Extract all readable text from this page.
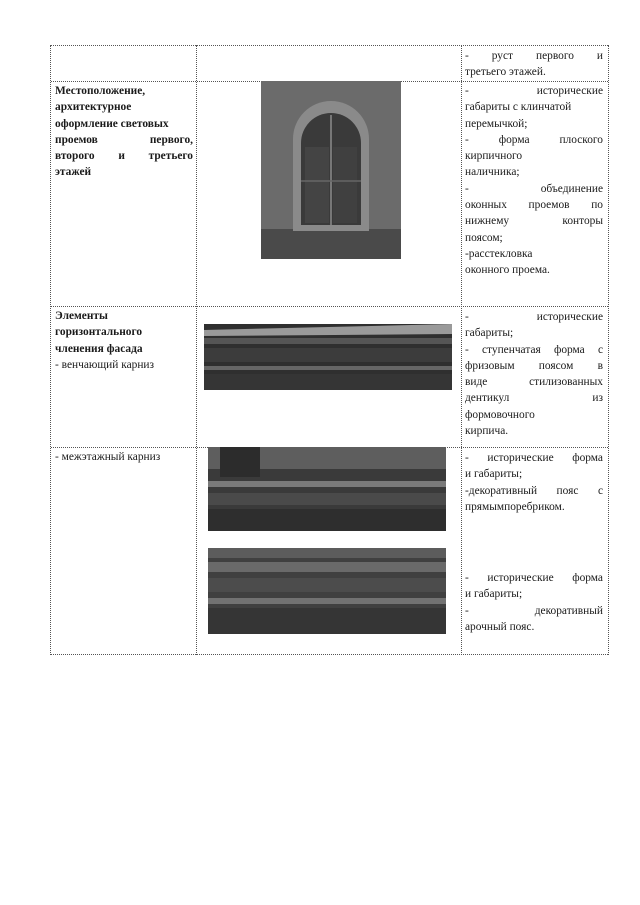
- руст первого и

третьего этажей.

Местоположение,

архитектурное

оформление световых

проемов первого,

второго и третьего

этажей

- исторические

габариты с клинчатой

перемычкой;

- форма плоского

кирпичного

наличника;

- объединение

оконных проемов по

нижнему конторы

поясом;

-расстекловка

оконного проема.

Элементы

горизонтального

членения фасада

- венчающий карниз

- исторические

габариты;

- ступенчатая форма с

фризовым поясом в

виде стилизованных

дентикул из

формовочного

кирпича.

- межэтажный карниз	- исторические форма

и габариты;

-декоративный пояс с

прямымпоребриком.

- исторические форма

и габариты;

- декоративный

арочный пояс.
